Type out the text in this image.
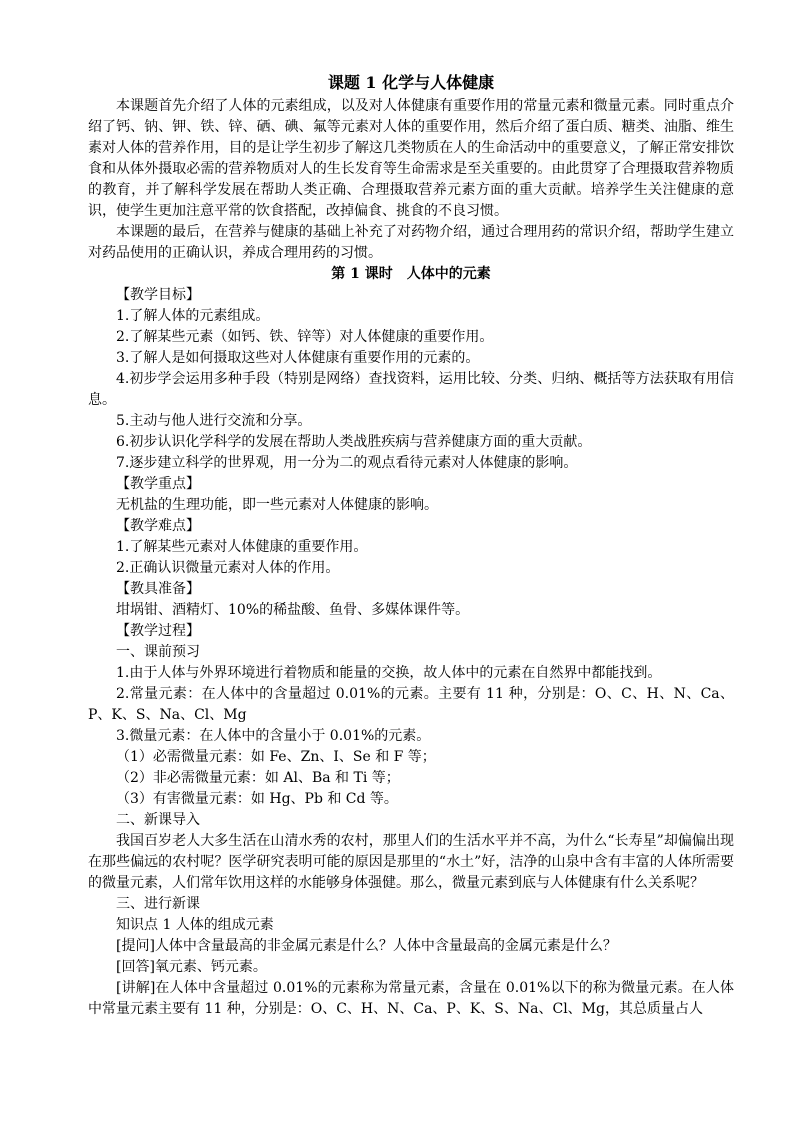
课题 1 化学与人体健康

本课题首先介绍了人体的元素组成，以及对人体健康有重要作用的常量元素和微量元素。同时重点介绍了钙、钠、钾、铁、锌、硒、碘、氟等元素对人体的重要作用，然后介绍了蛋白质、糖类、油脂、维生素对人体的营养作用，目的是让学生初步了解这几类物质在人的生命活动中的重要意义，了解正常安排饮食和从体外摄取必需的营养物质对人的生长发育等生命需求是至关重要的。由此贯穿了合理摄取营养物质的教育，并了解科学发展在帮助人类正确、合理摄取营养元素方面的重大贡献。培养学生关注健康的意识，使学生更加注意平常的饮食搭配，改掉偏食、挑食的不良习惯。

本课题的最后，在营养与健康的基础上补充了对药物介绍，通过合理用药的常识介绍，帮助学生建立对药品使用的正确认识，养成合理用药的习惯。

第 1 课时　人体中的元素

【教学目标】

1.了解人体的元素组成。

2.了解某些元素（如钙、铁、锌等）对人体健康的重要作用。

3.了解人是如何摄取这些对人体健康有重要作用的元素的。

4.初步学会运用多种手段（特别是网络）查找资料，运用比较、分类、归纳、概括等方法获取有用信息。

5.主动与他人进行交流和分享。

6.初步认识化学科学的发展在帮助人类战胜疾病与营养健康方面的重大贡献。

7.逐步建立科学的世界观，用一分为二的观点看待元素对人体健康的影响。

【教学重点】

无机盐的生理功能，即一些元素对人体健康的影响。

【教学难点】

1.了解某些元素对人体健康的重要作用。

2.正确认识微量元素对人体的作用。

【教具准备】

坩埚钳、酒精灯、10%的稀盐酸、鱼骨、多媒体课件等。

【教学过程】

一、课前预习

1.由于人体与外界环境进行着物质和能量的交换，故人体中的元素在自然界中都能找到。

2.常量元素：在人体中的含量超过 0.01%的元素。主要有 11 种，分别是：O、C、H、N、Ca、P、K、S、Na、Cl、Mg

3.微量元素：在人体中的含量小于 0.01%的元素。

（1）必需微量元素：如 Fe、Zn、I、Se 和 F 等；

（2）非必需微量元素：如 Al、Ba 和 Ti 等；

（3）有害微量元素：如 Hg、Pb 和 Cd 等。

二、新课导入

我国百岁老人大多生活在山清水秀的农村，那里人们的生活水平并不高，为什么“长寿星”却偏偏出现在那些偏远的农村呢？医学研究表明可能的原因是那里的“水土”好，洁净的山泉中含有丰富的人体所需要的微量元素，人们常年饮用这样的水能够身体强健。那么，微量元素到底与人体健康有什么关系呢？

三、进行新课

知识点 1 人体的组成元素

[提问]人体中含量最高的非金属元素是什么？人体中含量最高的金属元素是什么？

[回答]氧元素、钙元素。

[讲解]在人体中含量超过 0.01%的元素称为常量元素，含量在 0.01%以下的称为微量元素。在人体中常量元素主要有 11 种，分别是：O、C、H、N、Ca、P、K、S、Na、Cl、Mg，其总质量占人
